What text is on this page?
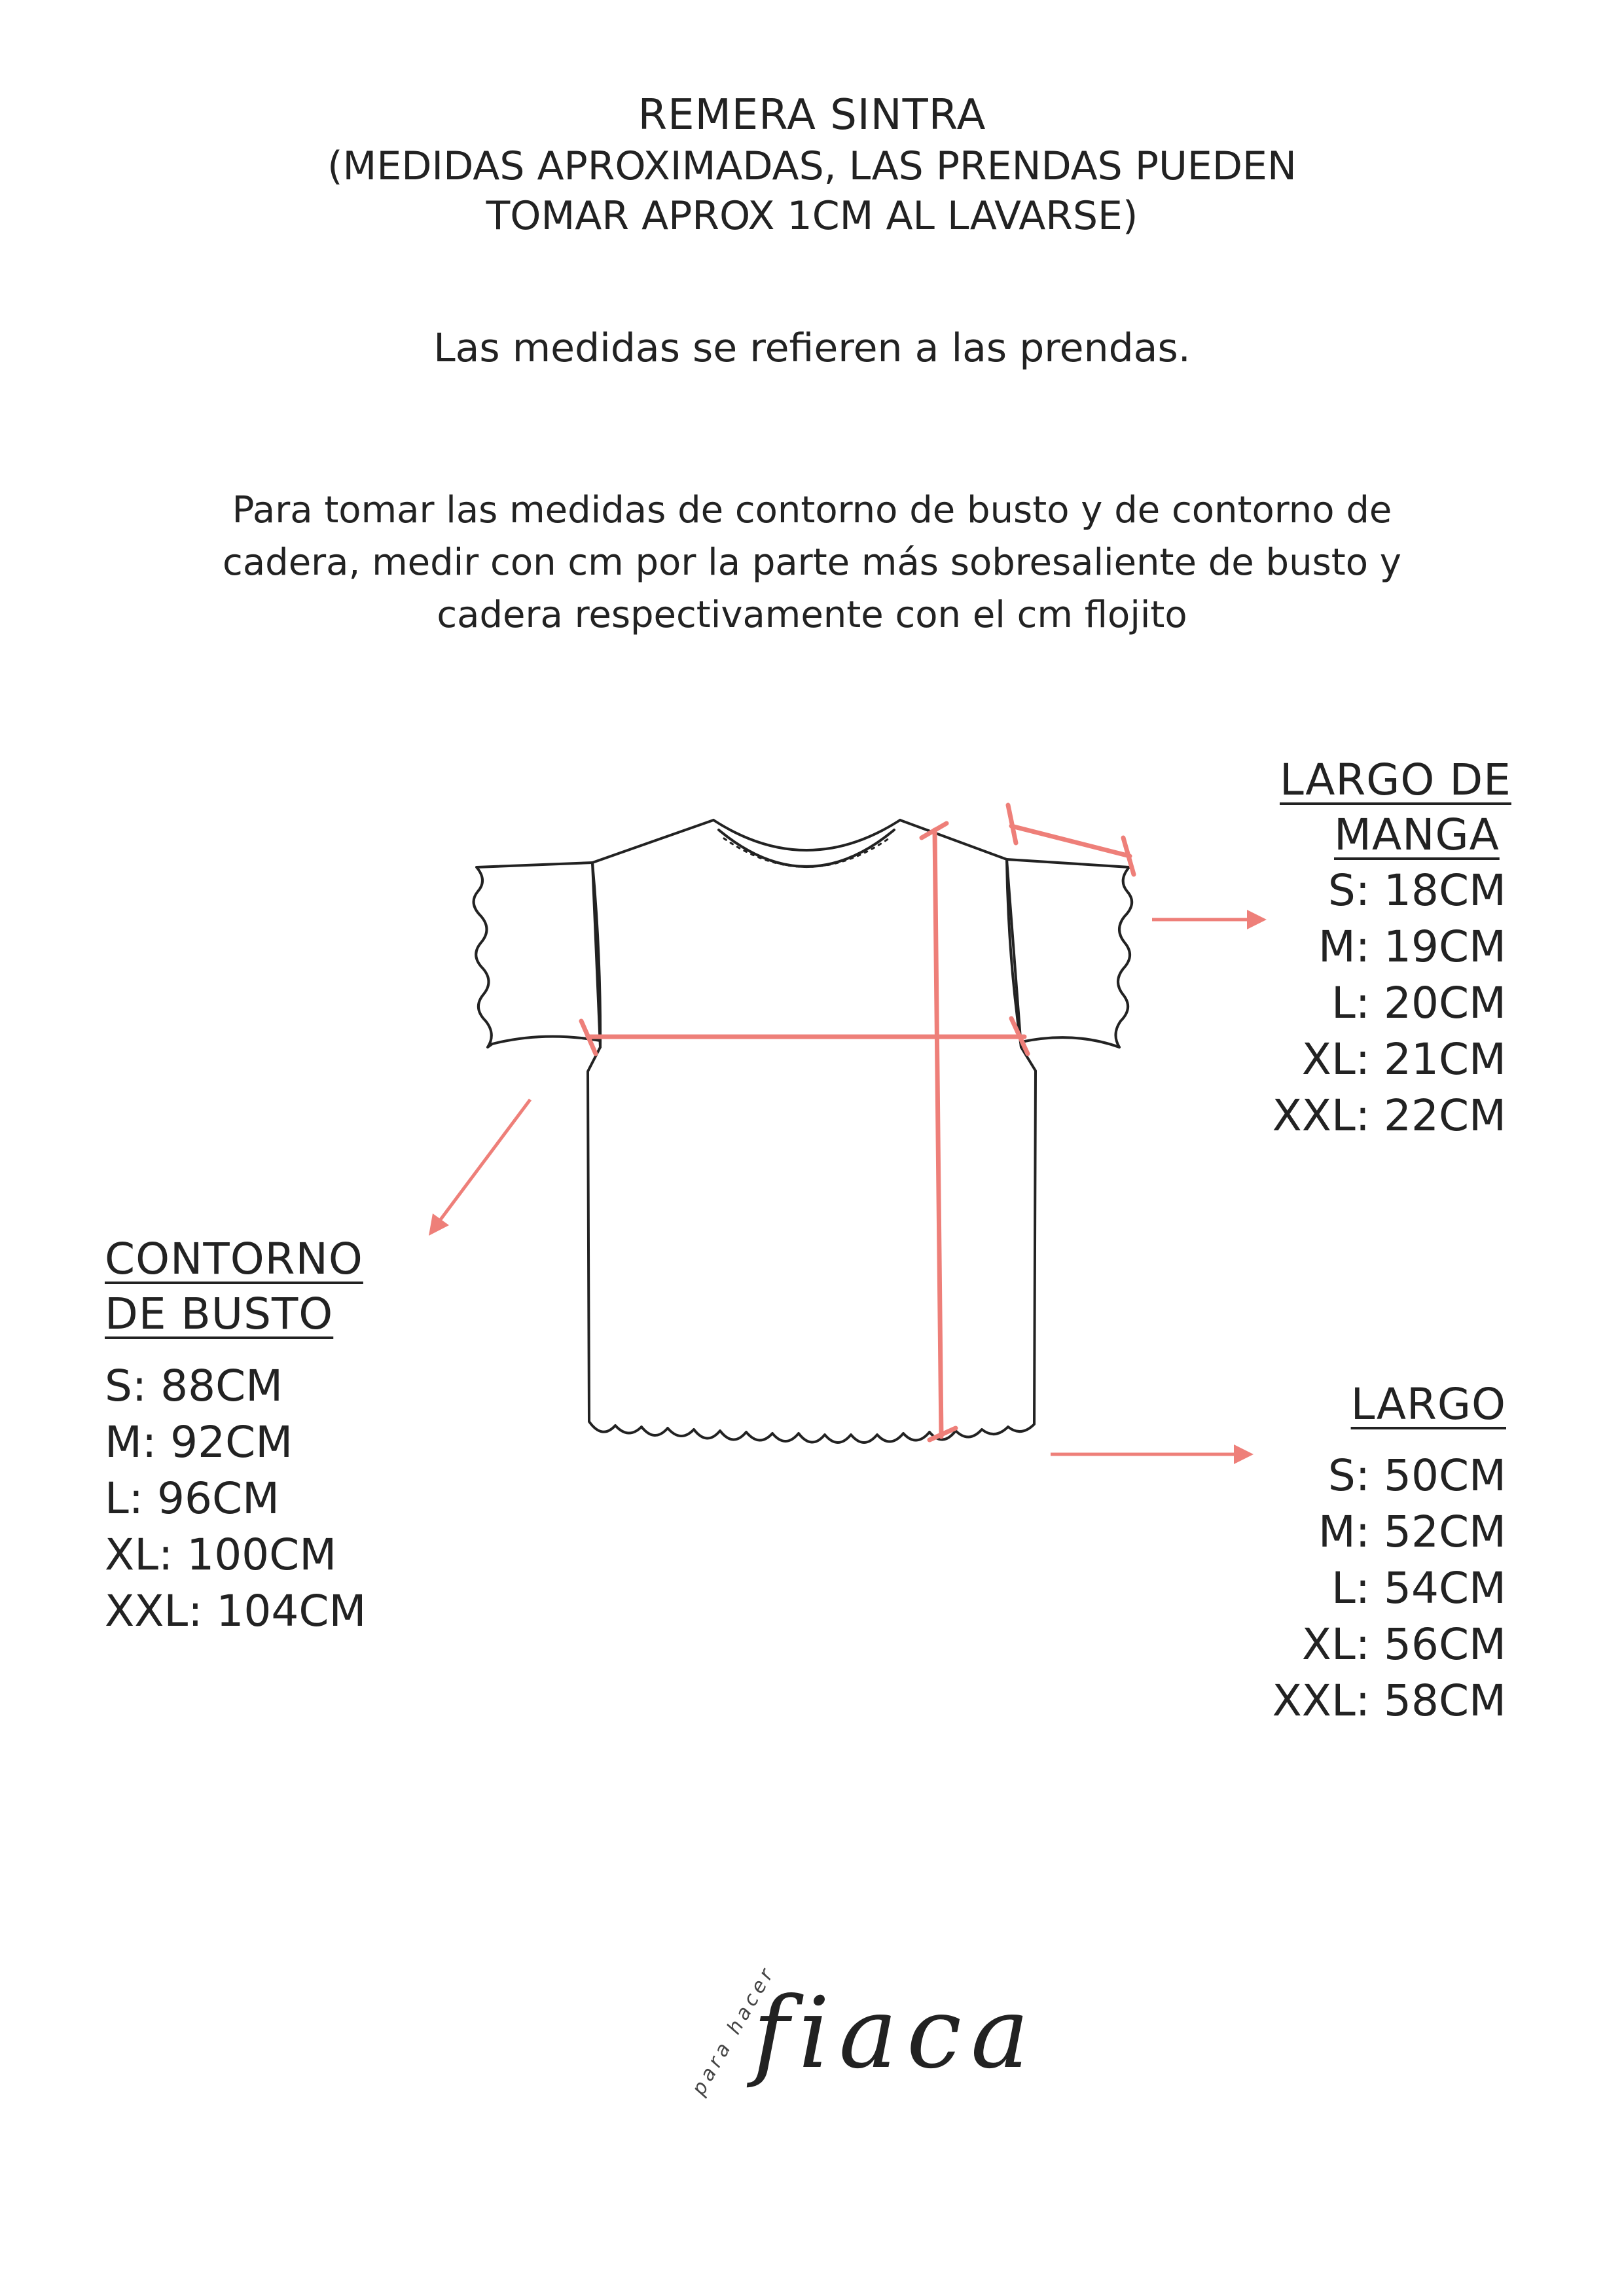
REMERA SINTRA
(MEDIDAS APROXIMADAS, LAS PRENDAS PUEDEN
TOMAR APROX 1CM AL LAVARSE)
Las medidas se refieren a las prendas.
Para tomar las medidas de contorno de busto y de contorno de
cadera, medir con cm por la parte más sobresaliente de busto y
cadera respectivamente con el cm flojito
LARGO DE
MANGA
S: 18CM
M: 19CM
L: 20CM
XL: 21CM
XXL: 22CM
CONTORNO
DE BUSTO
S: 88CM
M: 92CM
L: 96CM
XL: 100CM
XXL: 104CM
LARGO
S: 50CM
M: 52CM
L: 54CM
XL: 56CM
XXL: 58CM
para hacer
fiaca
